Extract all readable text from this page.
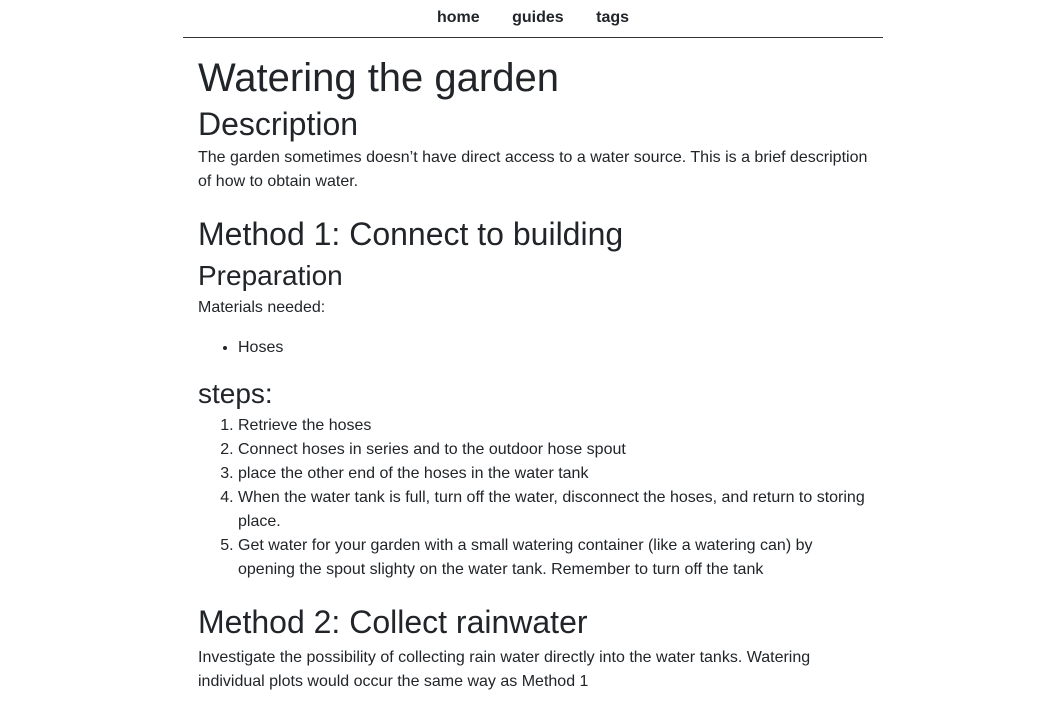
home guides tags
Watering the garden
Description

The garden sometimes doesn’t have direct access to a water source. This is a brief description of how to obtain water.

Method 1: Connect to building
Preparation

Materials needed:

• Hoses
steps:
1. Retrieve the hoses
2. Connect hoses in series and to the outdoor hose spout
3. place the other end of the hoses in the water tank
4. When the water tank is full, turn off the water, disconnect the hoses, and return to storing place.
5. Get water for your garden with a small watering container (like a watering can) by opening the spout slighty on the water tank. Remember to turn off the tank
Method 2: Collect rainwater

Investigate the possibility of collecting rain water directly into the water tanks. Watering individual plots would occur the same way as Method 1
